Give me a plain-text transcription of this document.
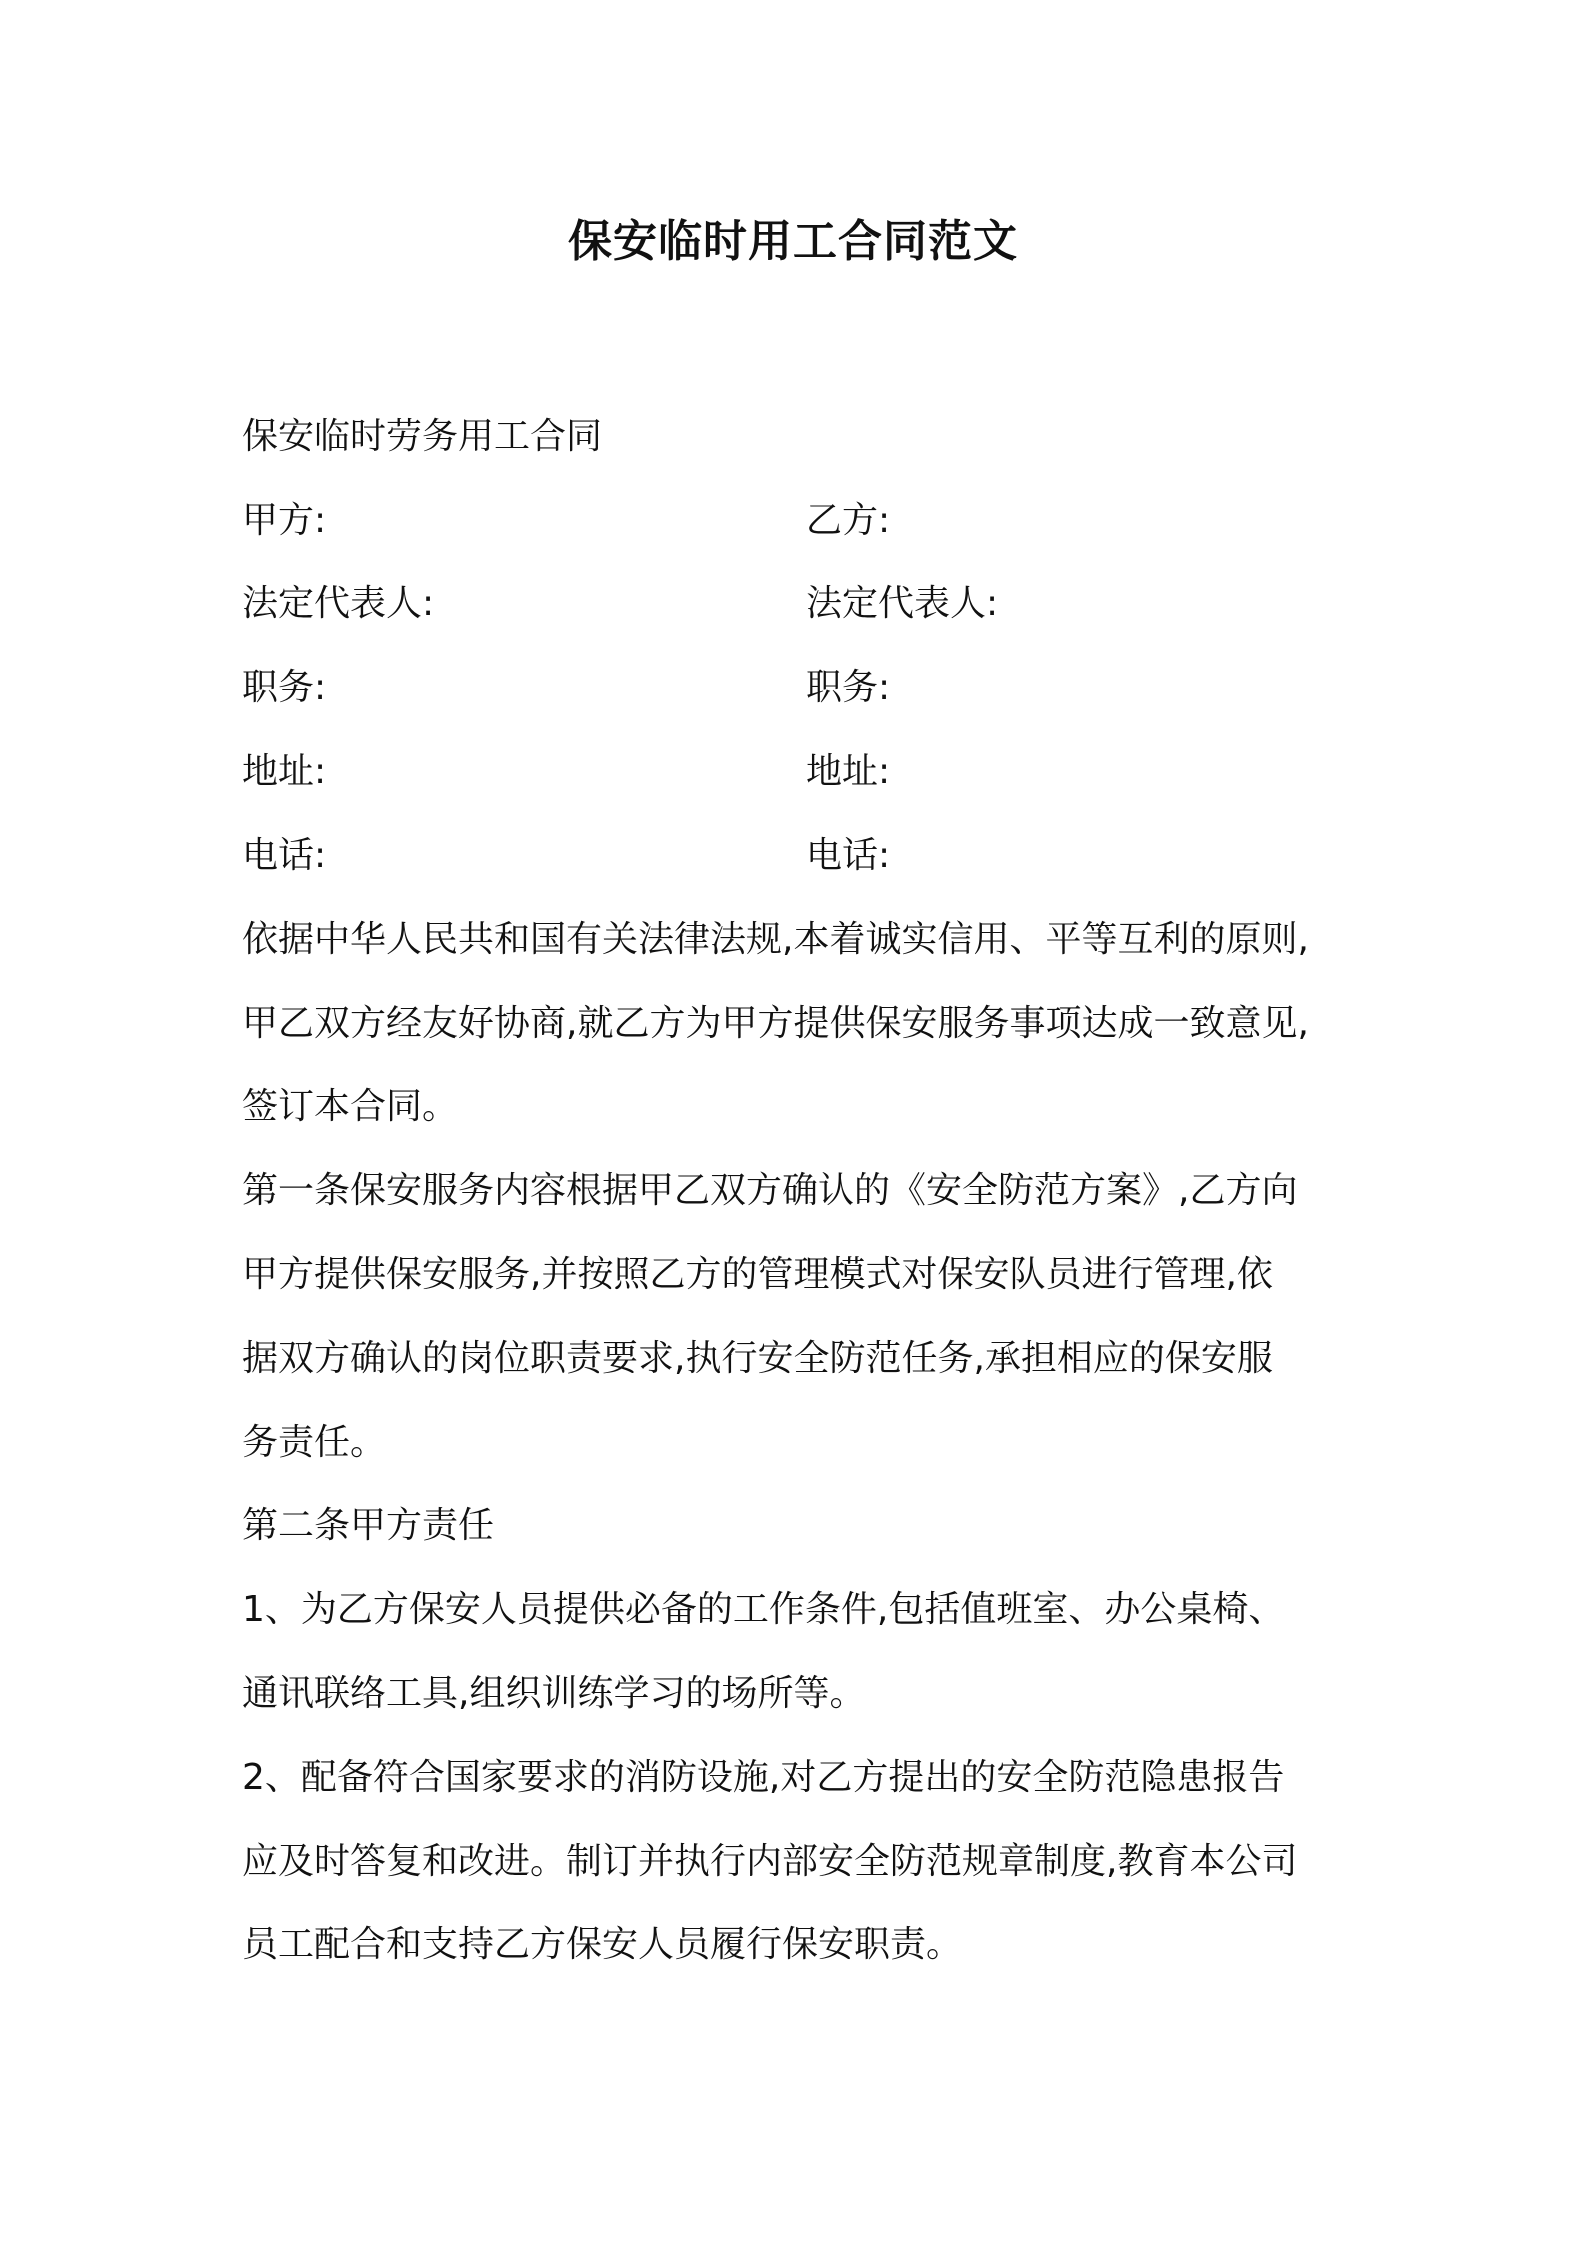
保安临时用工合同范文
保安临时劳务用工合同
甲方:	乙方:
法定代表人:	法定代表人:
职务:	职务:
地址:	地址:
电话:	电话:
依据中华人民共和国有关法律法规,本着诚实信用、平等互利的原则,
甲乙双方经友好协商,就乙方为甲方提供保安服务事项达成一致意见,
签订本合同。
第一条保安服务内容根据甲乙双方确认的《安全防范方案》,乙方向
甲方提供保安服务,并按照乙方的管理模式对保安队员进行管理,依
据双方确认的岗位职责要求,执行安全防范任务,承担相应的保安服
务责任。
第二条甲方责任
1、为乙方保安人员提供必备的工作条件,包括值班室、办公桌椅、
通讯联络工具,组织训练学习的场所等。
2、配备符合国家要求的消防设施,对乙方提出的安全防范隐患报告
应及时答复和改进。制订并执行内部安全防范规章制度,教育本公司
员工配合和支持乙方保安人员履行保安职责。
